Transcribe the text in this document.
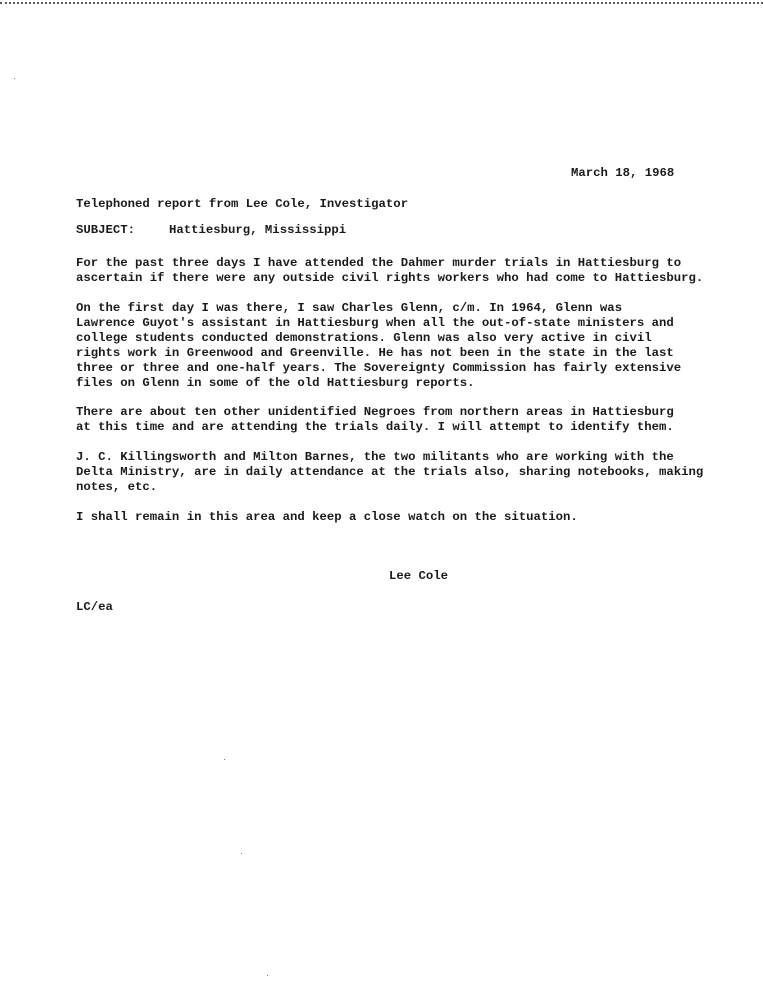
March 18, 1968
Telephoned report from Lee Cole, Investigator
SUBJECT:	Hattiesburg, Mississippi
For the past three days I have attended the Dahmer murder trials in Hattiesburg to
ascertain if there were any outside civil rights workers who had come to Hattiesburg.
On the first day I was there, I saw Charles Glenn, c/m. In 1964, Glenn was
Lawrence Guyot's assistant in Hattiesburg when all the out-of-state ministers and
college students conducted demonstrations. Glenn was also very active in civil
rights work in Greenwood and Greenville. He has not been in the state in the last
three or three and one-half years. The Sovereignty Commission has fairly extensive
files on Glenn in some of the old Hattiesburg reports.
There are about ten other unidentified Negroes from northern areas in Hattiesburg
at this time and are attending the trials daily. I will attempt to identify them.
J. C. Killingsworth and Milton Barnes, the two militants who are working with the
Delta Ministry, are in daily attendance at the trials also, sharing notebooks, making
notes, etc.
I shall remain in this area and keep a close watch on the situation.
Lee Cole
LC/ea
